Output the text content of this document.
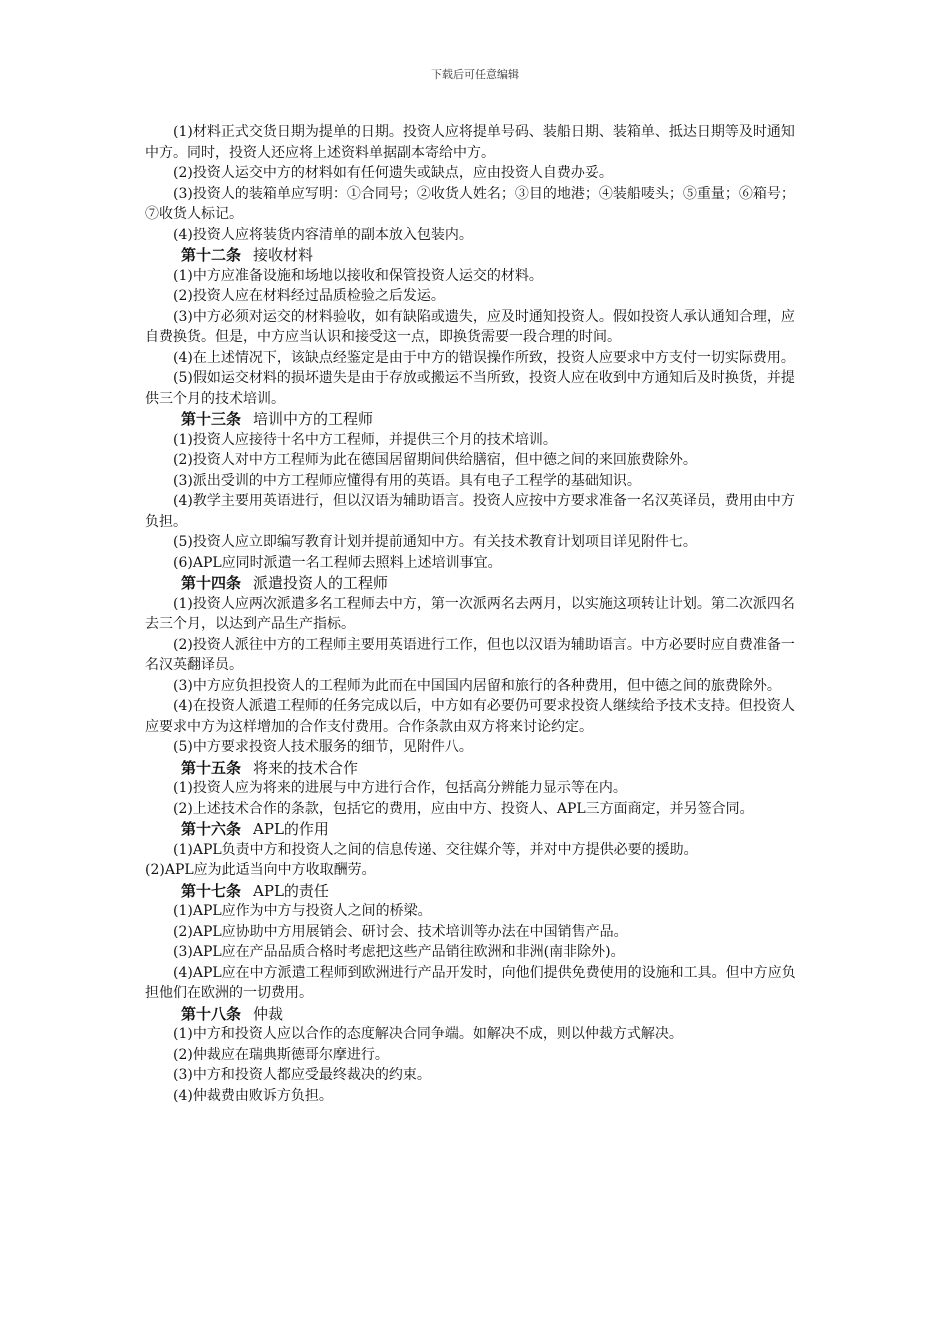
下载后可任意编辑

(1)材料正式交货日期为提单的日期。投资人应将提单号码、装船日期、装箱单、抵达日期等及时通知中方。同时，投资人还应将上述资料单据副本寄给中方。

(2)投资人运交中方的材料如有任何遗失或缺点，应由投资人自费办妥。

(3)投资人的装箱单应写明：①合同号；②收货人姓名；③目的地港；④装船唛头；⑤重量；⑥箱号；⑦收货人标记。

(4)投资人应将装货内容清单的副本放入包装内。

第十二条 接收材料

(1)中方应准备设施和场地以接收和保管投资人运交的材料。

(2)投资人应在材料经过品质检验之后发运。

(3)中方必须对运交的材料验收，如有缺陷或遗失，应及时通知投资人。假如投资人承认通知合理，应自费换货。但是，中方应当认识和接受这一点，即换货需要一段合理的时间。

(4)在上述情况下，该缺点经鉴定是由于中方的错误操作所致，投资人应要求中方支付一切实际费用。

(5)假如运交材料的损坏遗失是由于存放或搬运不当所致，投资人应在收到中方通知后及时换货，并提供三个月的技术培训。

第十三条 培训中方的工程师

(1)投资人应接待十名中方工程师，并提供三个月的技术培训。

(2)投资人对中方工程师为此在德国居留期间供给膳宿，但中德之间的来回旅费除外。

(3)派出受训的中方工程师应懂得有用的英语。具有电子工程学的基础知识。

(4)教学主要用英语进行，但以汉语为辅助语言。投资人应按中方要求准备一名汉英译员，费用由中方负担。

(5)投资人应立即编写教育计划并提前通知中方。有关技术教育计划项目详见附件七。

(6)APL应同时派遣一名工程师去照料上述培训事宜。

第十四条 派遣投资人的工程师

(1)投资人应两次派遣多名工程师去中方，第一次派两名去两月，以实施这项转让计划。第二次派四名去三个月，以达到产品生产指标。

(2)投资人派往中方的工程师主要用英语进行工作，但也以汉语为辅助语言。中方必要时应自费准备一名汉英翻译员。

(3)中方应负担投资人的工程师为此而在中国国内居留和旅行的各种费用，但中德之间的旅费除外。

(4)在投资人派遣工程师的任务完成以后，中方如有必要仍可要求投资人继续给予技术支持。但投资人应要求中方为这样增加的合作支付费用。合作条款由双方将来讨论约定。

(5)中方要求投资人技术服务的细节，见附件八。

第十五条 将来的技术合作

(1)投资人应为将来的进展与中方进行合作，包括高分辨能力显示等在内。

(2)上述技术合作的条款，包括它的费用，应由中方、投资人、APL三方面商定，并另签合同。

第十六条 APL的作用

(1)APL负责中方和投资人之间的信息传递、交往媒介等，并对中方提供必要的援助。

(2)APL应为此适当向中方收取酬劳。

第十七条 APL的责任

(1)APL应作为中方与投资人之间的桥梁。

(2)APL应协助中方用展销会、研讨会、技术培训等办法在中国销售产品。

(3)APL应在产品品质合格时考虑把这些产品销往欧洲和非洲(南非除外)。

(4)APL应在中方派遣工程师到欧洲进行产品开发时，向他们提供免费使用的设施和工具。但中方应负担他们在欧洲的一切费用。

第十八条 仲裁

(1)中方和投资人应以合作的态度解决合同争端。如解决不成，则以仲裁方式解决。

(2)仲裁应在瑞典斯德哥尔摩进行。

(3)中方和投资人都应受最终裁决的约束。

(4)仲裁费由败诉方负担。
